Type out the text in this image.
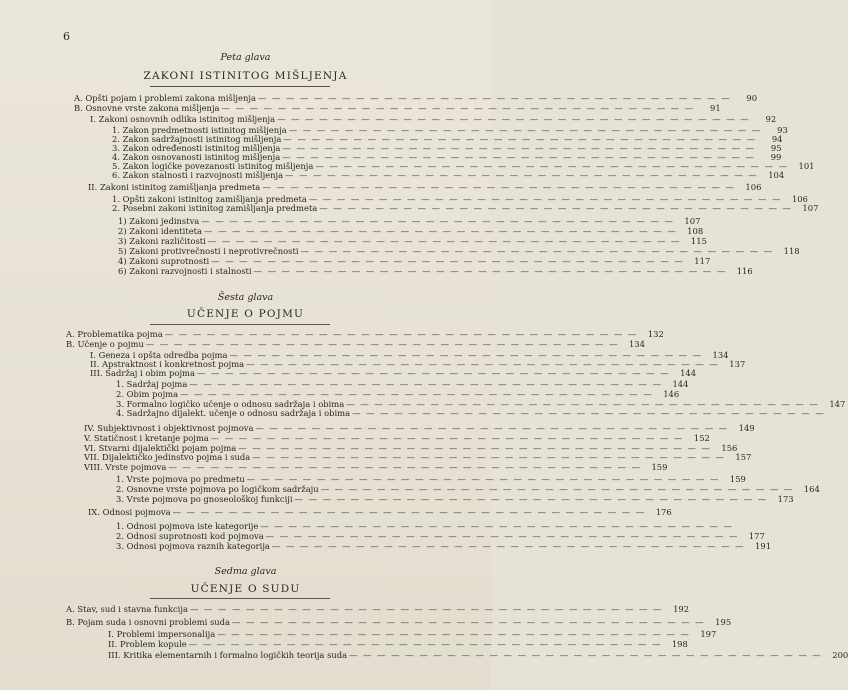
6
Peta glava
ZAKONI ISTINITOG MIŠLJENJA
A. Opšti pojam i problemi zakona mišljenja — — — — — — — — — — — — — — — — — — — — — — — — — — — — — — — — — —	90
B. Osnovne vrste zakona mišljenja — — — — — — — — — — — — — — — — — — — — — — — — — — — — — — — — — —	91
I. Zakoni osnovnih odlika istinitog mišljenja — — — — — — — — — — — — — — — — — — — — — — — — — — — — — — — — — —	92
1. Zakon predmetnosti istinitog mišljenja — — — — — — — — — — — — — — — — — — — — — — — — — — — — — — — — — —	93
2. Zakon sadržajnosti istinitog mišljenja — — — — — — — — — — — — — — — — — — — — — — — — — — — — — — — — — —	94
3. Zakon određenosti istinitog mišljenja — — — — — — — — — — — — — — — — — — — — — — — — — — — — — — — — — —	95
4. Zakon osnovanosti istinitog mišljenja — — — — — — — — — — — — — — — — — — — — — — — — — — — — — — — — — —	99
5. Zakon logičke povezanosti istinitog mišljenja — — — — — — — — — — — — — — — — — — — — — — — — — — — — — — — — — —	101
6. Zakon stalnosti i razvojnosti mišljenja — — — — — — — — — — — — — — — — — — — — — — — — — — — — — — — — — —	104
II. Zakoni istinitog zamišljanja predmeta — — — — — — — — — — — — — — — — — — — — — — — — — — — — — — — — — —	106
1. Opšti zakoni istinitog zamišljanja predmeta — — — — — — — — — — — — — — — — — — — — — — — — — — — — — — — — — —	106
2. Posebni zakoni istinitog zamišljanja predmeta — — — — — — — — — — — — — — — — — — — — — — — — — — — — — — — — — —	107
1) Zakoni jedinstva — — — — — — — — — — — — — — — — — — — — — — — — — — — — — — — — — —	107
2) Zakoni identiteta — — — — — — — — — — — — — — — — — — — — — — — — — — — — — — — — — —	108
3) Zakoni različitosti — — — — — — — — — — — — — — — — — — — — — — — — — — — — — — — — — —	115
5) Zakoni protivrečnosti i neprotivrečnosti — — — — — — — — — — — — — — — — — — — — — — — — — — — — — — — — — —	118
4) Zakoni suprotnosti — — — — — — — — — — — — — — — — — — — — — — — — — — — — — — — — — —	117
6) Zakoni razvojnosti i stalnosti — — — — — — — — — — — — — — — — — — — — — — — — — — — — — — — — — —	116
Šesta glava
UČENJE O POJMU
A. Problematika pojma — — — — — — — — — — — — — — — — — — — — — — — — — — — — — — — — — —	132
B. Učenje o pojmu — — — — — — — — — — — — — — — — — — — — — — — — — — — — — — — — — —	134
I. Geneza i opšta odredba pojma — — — — — — — — — — — — — — — — — — — — — — — — — — — — — — — — — —	134
II. Apstraktnost i konkretnost pojma — — — — — — — — — — — — — — — — — — — — — — — — — — — — — — — — — —	137
III. Sadržaj i obim pojma — — — — — — — — — — — — — — — — — — — — — — — — — — — — — — — — — —	144
1. Sadržaj pojma — — — — — — — — — — — — — — — — — — — — — — — — — — — — — — — — — —	144
2. Obim pojma — — — — — — — — — — — — — — — — — — — — — — — — — — — — — — — — — —	146
3. Formalno logičko učenje o odnosu sadržaja i obima — — — — — — — — — — — — — — — — — — — — — — — — — — — — — — — — — —	147
4. Sadržajno dijalekt. učenje o odnosu sadržaja i obima — — — — — — — — — — — — — — — — — — — — — — — — — — — — — — — — — —
IV. Subjektivnost i objektivnost pojmova — — — — — — — — — — — — — — — — — — — — — — — — — — — — — — — — — —	149
V. Statičnost i kretanje pojma — — — — — — — — — — — — — — — — — — — — — — — — — — — — — — — — — —	152
VI. Stvarni dijalektički pojam pojma — — — — — — — — — — — — — — — — — — — — — — — — — — — — — — — — — —	156
VII. Dijalektičko jedinstvo pojma i suda — — — — — — — — — — — — — — — — — — — — — — — — — — — — — — — — — —	157
VIII. Vrste pojmova — — — — — — — — — — — — — — — — — — — — — — — — — — — — — — — — — —	159
1. Vrste pojmova po predmetu — — — — — — — — — — — — — — — — — — — — — — — — — — — — — — — — — —	159
2. Osnovne vrste pojmova po logičkom sadržaju — — — — — — — — — — — — — — — — — — — — — — — — — — — — — — — — — —	164
3. Vrste pojmova po gnoseološkoj funkciji — — — — — — — — — — — — — — — — — — — — — — — — — — — — — — — — — —	173
IX. Odnosi pojmova — — — — — — — — — — — — — — — — — — — — — — — — — — — — — — — — — —	176
1. Odnosi pojmova iste kategorije — — — — — — — — — — — — — — — — — — — — — — — — — — — — — — — — — —
2. Odnosi suprotnosti kod pojmova — — — — — — — — — — — — — — — — — — — — — — — — — — — — — — — — — —	177
3. Odnosi pojmova raznih kategorija — — — — — — — — — — — — — — — — — — — — — — — — — — — — — — — — — —	191
Sedma glava
UČENJE O SUDU
A. Stav, sud i stavna funkcija — — — — — — — — — — — — — — — — — — — — — — — — — — — — — — — — — —	192
B. Pojam suda i osnovni problemi suda — — — — — — — — — — — — — — — — — — — — — — — — — — — — — — — — — —	195
I. Problemi impersonalija — — — — — — — — — — — — — — — — — — — — — — — — — — — — — — — — — —	197
II. Problem kopule — — — — — — — — — — — — — — — — — — — — — — — — — — — — — — — — — —	198
III. Kritika elementarnih i formalno logičkih teorija suda — — — — — — — — — — — — — — — — — — — — — — — — — — — — — — — — — —	200
